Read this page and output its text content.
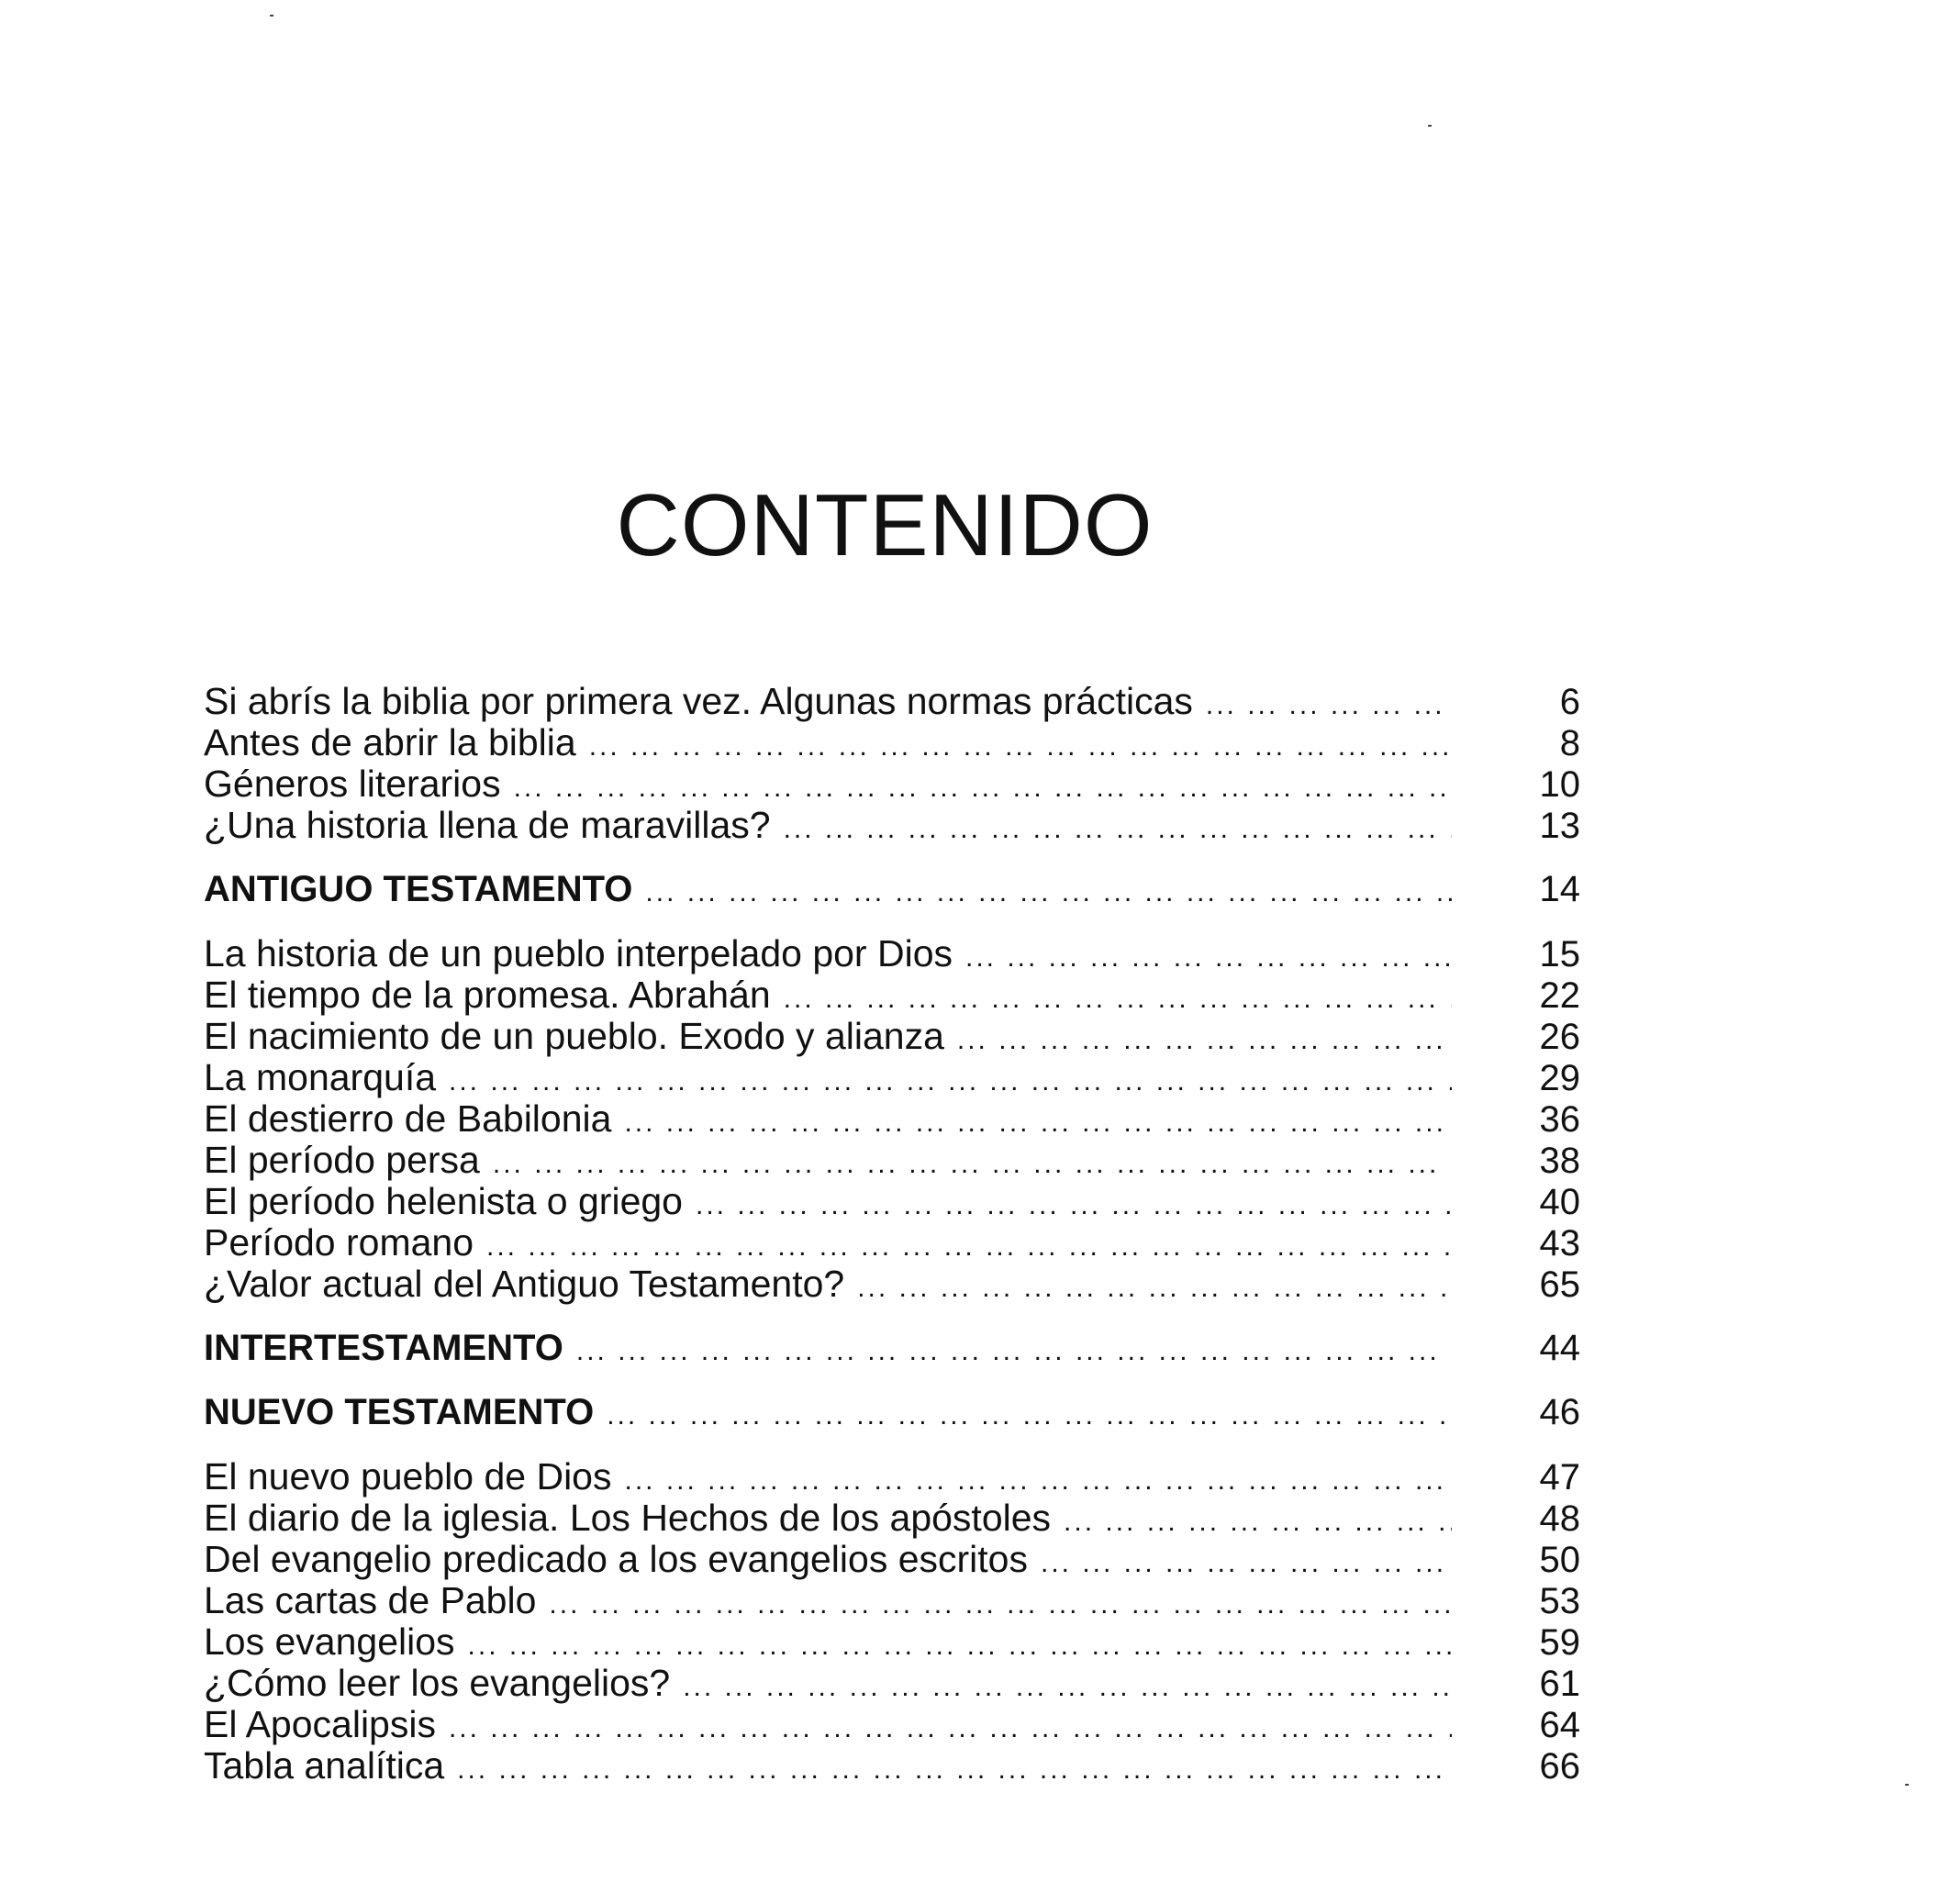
CONTENIDO
Si abrís la biblia por primera vez. Algunas normas prácticas ... .	6
Antes de abrir la biblia ... .	8
Géneros literarios ... .	10
¿Una historia llena de maravillas? ... .	13
ANTIGUO TESTAMENTO ... .	14
La historia de un pueblo interpelado por Dios ... .	15
El tiempo de la promesa. Abrahán ... .	22
El nacimiento de un pueblo. Exodo y alianza ... .	26
La monarquía ... .	29
El destierro de Babilonia ... .	36
El período persa ... .	38
El período helenista o griego ... .	40
Período romano ... .	43
¿Valor actual del Antiguo Testamento? ... .	65
INTERTESTAMENTO ... .	44
NUEVO TESTAMENTO ... .	46
El nuevo pueblo de Dios ... .	47
El diario de la iglesia. Los Hechos de los apóstoles ... .	48
Del evangelio predicado a los evangelios escritos ... .	50
Las cartas de Pablo ... .	53
Los evangelios ... .	59
¿Cómo leer los evangelios? ... .	61
El Apocalipsis ... .	64
Tabla analítica ... .	66
